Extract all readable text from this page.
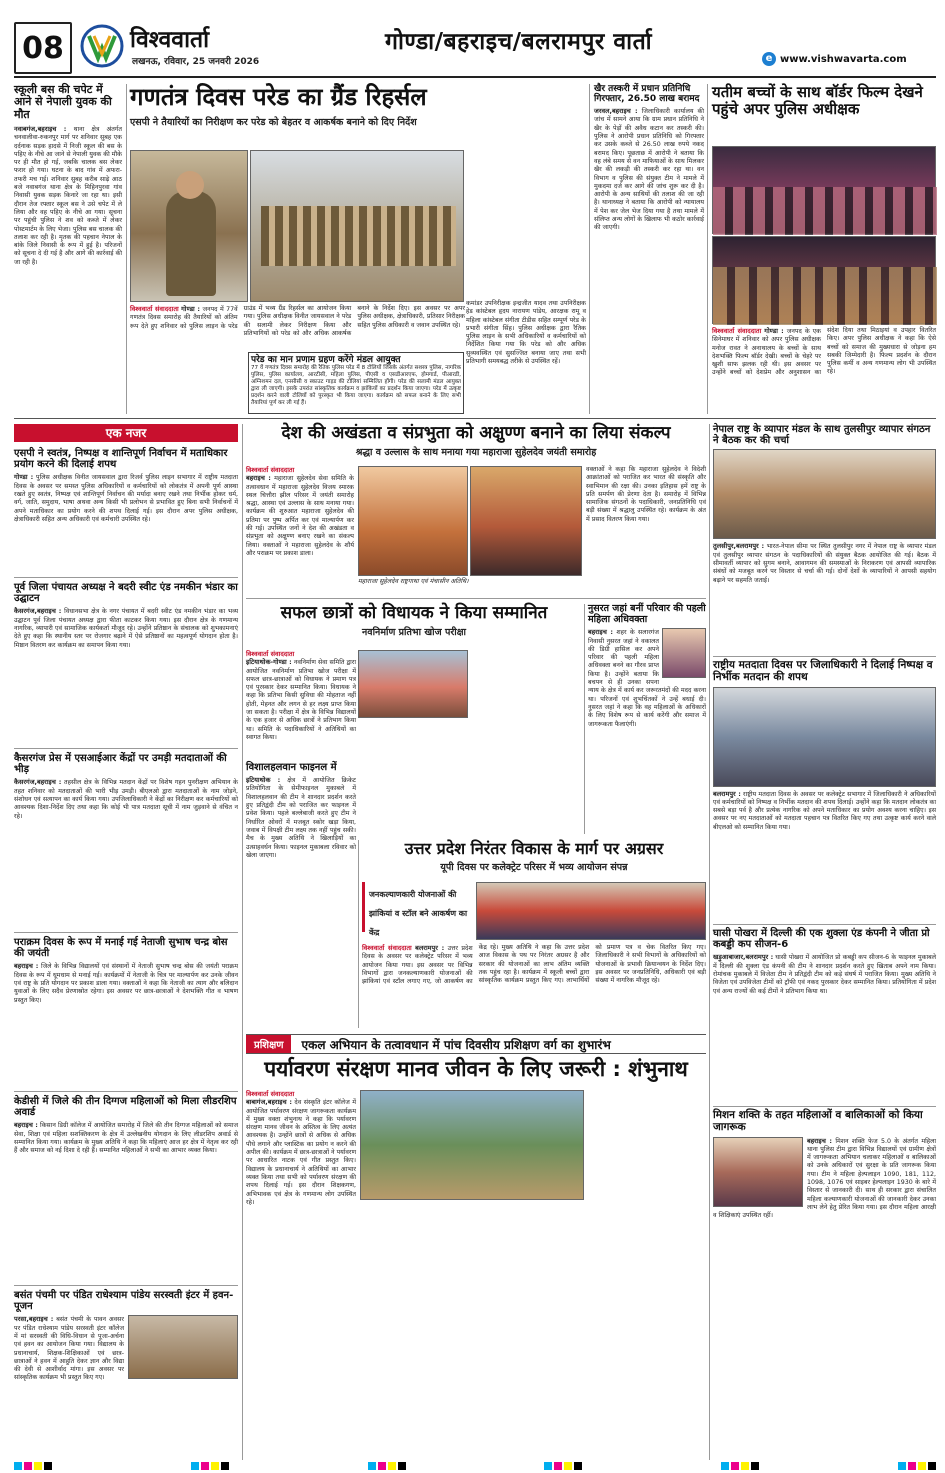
08	विश्ववार्ता
लखनऊ, रविवार, 25 जनवरी 2026
गोण्डा/बहराइच/बलरामपुर वार्ता
e www.vishwavarta.com
स्कूली बस की चपेट में आने से नेपाली युवक की मौत
नवाबगंज,बहराइच : थाना क्षेत्र अंतर्गत चनवालीवा-रुकनपुर मार्ग पर शनिवार सुबह एक दर्दनाक सड़क हादसे में निजी स्कूल की बस के पहिए के नीचे आ जाने से नेपाली युवक की मौके पर ही मौत हो गई, जबकि चालक बस लेकर फरार हो गया। घटना के बाद गांव में अफरा-तफरी मच गई। शनिवार सुबह करीब साढ़े आठ बजे नवाबगंज थाना क्षेत्र के मिहिनपुरवा गांव निवासी युवक सड़क किनारे जा रहा था। इसी दौरान तेज रफ्तार स्कूल बस ने उसे चपेट में ले लिया और वह पहिए के नीचे आ गया। सूचना पर पहुंची पुलिस ने शव को कब्जे में लेकर पोस्टमार्टम के लिए भेजा। पुलिस बस चालक की तलाश कर रही है। मृतक की पहचान नेपाल के बांके जिले निवासी के रूप में हुई है। परिजनों को सूचना दे दी गई है और आगे की कार्रवाई की जा रही है।
गणतंत्र दिवस परेड का ग्रैंड रिहर्सल
एसपी ने तैयारियों का निरीक्षण कर परेड को बेहतर व आकर्षक बनाने को दिए निर्देश
विश्ववार्ता संवाददाता गोण्डा : जनपद में 77वें गणतंत्र दिवस समारोह की तैयारियों को अंतिम रूप देते हुए शनिवार को पुलिस लाइन के परेड ग्राउंड में भव्य ग्रैंड रिहर्सल का आयोजन किया गया। पुलिस अधीक्षक विनीत जायसवाल ने परेड की सलामी लेकर निरीक्षण किया और प्रतिभागियों को परेड को और अधिक आकर्षक बनाने के निर्देश दिए। इस अवसर पर अपर पुलिस अधीक्षक, क्षेत्राधिकारी, प्रतिसार निरीक्षक सहित पुलिस अधिकारी व जवान उपस्थित रहे।
परेड का मान प्रणाम ग्रहण करेंगे मंडल आयुक्त
77 वें गणतंत्र दिवस समारोह की रैतिक पुलिस परेड में 8 टोलियों जिसके अंतर्गत सशस्त्र पुलिस, नागरिक पुलिस, पुलिस कार्यालय, आरटीसी, महिला पुलिस, पीएसी व एसडीआरएफ, होमगार्ड, पीआरडी, अग्निशमन दल, एनसीसी व स्काउट गाइड की टोलियां सम्मिलित होंगी। परेड की सलामी मंडल आयुक्त द्वारा ली जाएगी। इसके उपरांत सांस्कृतिक कार्यक्रम व झांकियों का प्रदर्शन किया जाएगा। परेड में उत्कृष्ट प्रदर्शन करने वाली टोलियों को पुरस्कृत भी किया जाएगा। कार्यक्रम को सफल बनाने के लिए सभी तैयारियां पूर्ण कर ली गई हैं।
कमांडर उपनिरीक्षक इन्द्रजीत यादव तथा उपनिरीक्षक हेड कांस्टेबल हृदय नारायण पांडेय, आरक्षक रामू व महिला कांस्टेबल संगीता टीडीस सहित सम्पूर्ण परेड के प्रभारी संगीता सिंह। पुलिस अधीक्षक द्वारा रैतिक पुलिस लाइन के सभी अधिकारियों व कर्मचारियों को निर्देशित किया गया कि परेड को और अधिक सुव्यवस्थित एवं सुसज्जित बनाया जाए तथा सभी प्रतिभागी समयबद्ध तरीके से उपस्थित रहें।
खैर तस्करी में प्रधान प्रतिनिधि गिरफ्तार, 26.50 लाख बरामद
जरवल,बहराइच : जिलाधिकारी कार्यालय की जांच में सामने आया कि ग्राम प्रधान प्रतिनिधि ने खैर के पेड़ों की अवैध कटान कर तस्करी की। पुलिस ने आरोपी प्रधान प्रतिनिधि को गिरफ्तार कर उसके कब्जे से 26.50 लाख रुपये नकद बरामद किए। पूछताछ में आरोपी ने बताया कि वह लंबे समय से वन माफियाओं के साथ मिलकर खैर की लकड़ी की तस्करी कर रहा था। वन विभाग व पुलिस की संयुक्त टीम ने मामले में मुकदमा दर्ज कर आगे की जांच शुरू कर दी है। आरोपी के अन्य साथियों की तलाश की जा रही है। थानाध्यक्ष ने बताया कि आरोपी को न्यायालय में पेश कर जेल भेज दिया गया है तथा मामले में संलिप्त अन्य लोगों के खिलाफ भी कठोर कार्रवाई की जाएगी।
यतीम बच्चों के साथ बॉर्डर फिल्म देखने पहुंचे अपर पुलिस अधीक्षक
विश्ववार्ता संवाददाता गोण्डा : जनपद के एक सिनेमाघर में शनिवार को अपर पुलिस अधीक्षक मनोज रावत ने अनाथालय के बच्चों के साथ देशभक्ति फिल्म बॉर्डर देखी। बच्चों के चेहरे पर खुशी साफ झलक रही थी। इस अवसर पर उन्होंने बच्चों को देशप्रेम और अनुशासन का संदेश दिया तथा मिठाइयां व उपहार वितरित किए। अपर पुलिस अधीक्षक ने कहा कि ऐसे बच्चों को समाज की मुख्यधारा से जोड़ना हम सबकी जिम्मेदारी है। फिल्म प्रदर्शन के दौरान पुलिस कर्मी व अन्य गणमान्य लोग भी उपस्थित रहे।
एक नजर
एसपी ने स्वतंत्र, निष्पक्ष व शान्तिपूर्ण निर्वाचन में मताधिकार प्रयोग करने की दिलाई शपथ
गोण्डा : पुलिस अधीक्षक विनीत जायसवाल द्वारा रिजर्व पुलिस लाइन सभागार में राष्ट्रीय मतदाता दिवस के अवसर पर समस्त पुलिस अधिकारियों व कर्मचारियों को लोकतंत्र में अपनी पूर्ण आस्था रखते हुए स्वतंत्र, निष्पक्ष एवं शान्तिपूर्ण निर्वाचन की मर्यादा बनाए रखने तथा निर्भीक होकर धर्म, वर्ग, जाति, समुदाय, भाषा अथवा अन्य किसी भी प्रलोभन से प्रभावित हुए बिना सभी निर्वाचनों में अपने मताधिकार का प्रयोग करने की शपथ दिलाई गई। इस दौरान अपर पुलिस अधीक्षक, क्षेत्राधिकारी सहित अन्य अधिकारी एवं कर्मचारी उपस्थित रहे।
पूर्व जिला पंचायत अध्यक्ष ने बदरी स्वीट एंड नमकीन भंडार का उद्घाटन
कैसरगंज,बहराइच : विधानसभा क्षेत्र के नगर पंचायत में बदरी स्वीट एंड नमकीन भंडार का भव्य उद्घाटन पूर्व जिला पंचायत अध्यक्ष द्वारा फीता काटकर किया गया। इस दौरान क्षेत्र के गणमान्य नागरिक, व्यापारी एवं सामाजिक कार्यकर्ता मौजूद रहे। उन्होंने प्रतिष्ठान के संचालक को शुभकामनाएं देते हुए कहा कि स्थानीय स्तर पर रोजगार बढ़ाने में ऐसे प्रतिष्ठानों का महत्वपूर्ण योगदान होता है। मिष्ठान वितरण कर कार्यक्रम का समापन किया गया।
कैसरगंज प्रेस में एसआईआर केंद्रों पर उमड़ी मतदाताओं की भीड़
कैसरगंज,बहराइच : तहसील क्षेत्र के विभिन्न मतदान केंद्रों पर विशेष गहन पुनरीक्षण अभियान के तहत शनिवार को मतदाताओं की भारी भीड़ उमड़ी। बीएलओ द्वारा मतदाताओं के नाम जोड़ने, संशोधन एवं सत्यापन का कार्य किया गया। उपजिलाधिकारी ने केंद्रों का निरीक्षण कर कर्मचारियों को आवश्यक दिशा-निर्देश दिए तथा कहा कि कोई भी पात्र मतदाता सूची में नाम जुड़वाने से वंचित न रहे।
पराक्रम दिवस के रूप में मनाई गई नेताजी सुभाष चन्द्र बोस की जयंती
बहराइच : जिले के विभिन्न विद्यालयों एवं संस्थानों में नेताजी सुभाष चन्द्र बोस की जयंती पराक्रम दिवस के रूप में धूमधाम से मनाई गई। कार्यक्रमों में नेताजी के चित्र पर माल्यार्पण कर उनके जीवन एवं राष्ट्र के प्रति योगदान पर प्रकाश डाला गया। वक्ताओं ने कहा कि नेताजी का त्याग और बलिदान युवाओं के लिए सदैव प्रेरणास्रोत रहेगा। इस अवसर पर छात्र-छात्राओं ने देशभक्ति गीत व भाषण प्रस्तुत किए।
केडीसी में जिले की तीन दिग्गज महिलाओं को मिला लीडरशिप अवार्ड
बहराइच : किसान डिग्री कॉलेज में आयोजित समारोह में जिले की तीन दिग्गज महिलाओं को समाज सेवा, शिक्षा एवं महिला सशक्तिकरण के क्षेत्र में उल्लेखनीय योगदान के लिए लीडरशिप अवार्ड से सम्मानित किया गया। कार्यक्रम के मुख्य अतिथि ने कहा कि महिलाएं आज हर क्षेत्र में नेतृत्व कर रही हैं और समाज को नई दिशा दे रही हैं। सम्मानित महिलाओं ने सभी का आभार व्यक्त किया।
बसंत पंचमी पर पंडित राधेश्याम पांडेय सरस्वती इंटर में हवन-पूजन
परसा,बहराइच : बसंत पंचमी के पावन अवसर पर पंडित राधेश्याम पांडेय सरस्वती इंटर कॉलेज में मां सरस्वती की विधि-विधान से पूजा-अर्चना एवं हवन का आयोजन किया गया। विद्यालय के प्रधानाचार्य, शिक्षक-शिक्षिकाओं एवं छात्र-छात्राओं ने हवन में आहुति देकर ज्ञान और विद्या की देवी से आशीर्वाद मांगा। इस अवसर पर सांस्कृतिक कार्यक्रम भी प्रस्तुत किए गए।
देश की अखंडता व संप्रभुता को अक्षुण्ण बनाने का लिया संकल्प
श्रद्धा व उल्लास के साथ मनाया गया महाराजा सुहेलदेव जयंती समारोह
विश्ववार्ता संवाददाता
बहराइच : महाराजा सुहेलदेव सेवा समिति के तत्वावधान में महाराजा सुहेलदेव विजय स्मारक स्थल चित्तौरा झील परिसर में जयंती समारोह श्रद्धा, आस्था एवं उल्लास के साथ मनाया गया। कार्यक्रम की शुरुआत महाराजा सुहेलदेव की प्रतिमा पर पुष्प अर्पित कर एवं माल्यार्पण कर की गई। उपस्थित जनों ने देश की अखंडता व संप्रभुता को अक्षुण्ण बनाए रखने का संकल्प लिया। वक्ताओं ने महाराजा सुहेलदेव के शौर्य और पराक्रम पर प्रकाश डाला।
महाराजा सुहेलदेव राष्ट्रगाथा एवं मंचासीन अतिथि।
वक्ताओं ने कहा कि महाराजा सुहेलदेव ने विदेशी आक्रांताओं को पराजित कर भारत की संस्कृति और स्वाभिमान की रक्षा की। उनका इतिहास हमें राष्ट्र के प्रति समर्पण की प्रेरणा देता है। समारोह में विभिन्न सामाजिक संगठनों के पदाधिकारी, जनप्रतिनिधि एवं बड़ी संख्या में श्रद्धालु उपस्थित रहे। कार्यक्रम के अंत में प्रसाद वितरण किया गया।
सफल छात्रों को विधायक ने किया सम्मानित
नवनिर्माण प्रतिभा खोज परीक्षा
विश्ववार्ता संवाददाता
इटियाथोक-गोण्डा : नवनिर्माण सेवा समिति द्वारा आयोजित नवनिर्माण प्रतिभा खोज परीक्षा में सफल छात्र-छात्राओं को विधायक ने प्रमाण पत्र एवं पुरस्कार देकर सम्मानित किया। विधायक ने कहा कि प्रतिभा किसी सुविधा की मोहताज नहीं होती, मेहनत और लगन से हर लक्ष्य प्राप्त किया जा सकता है। परीक्षा में क्षेत्र के विभिन्न विद्यालयों के एक हजार से अधिक छात्रों ने प्रतिभाग किया था। समिति के पदाधिकारियों ने अतिथियों का स्वागत किया।
नुसरत जहां बनीं परिवार की पहली महिला अधिवक्ता
बहराइच : शहर के सलारगंज निवासी नुसरत जहां ने वकालत की डिग्री हासिल कर अपने परिवार की पहली महिला अधिवक्ता बनने का गौरव प्राप्त किया है। उन्होंने बताया कि बचपन से ही उनका सपना न्याय के क्षेत्र में कार्य कर जरूरतमंदों की मदद करना था। परिजनों एवं शुभचिंतकों ने उन्हें बधाई दी। नुसरत जहां ने कहा कि वह महिलाओं के अधिकारों के लिए विशेष रूप से कार्य करेंगी और समाज में जागरूकता फैलाएंगी।
विशालहलवान फाइनल में
इटियाथोक : क्षेत्र में आयोजित क्रिकेट प्रतियोगिता के सेमीफाइनल मुकाबले में विशालहलवान की टीम ने शानदार प्रदर्शन करते हुए प्रतिद्वंदी टीम को पराजित कर फाइनल में प्रवेश किया। पहले बल्लेबाजी करते हुए टीम ने निर्धारित ओवरों में मजबूत स्कोर खड़ा किया, जवाब में विपक्षी टीम लक्ष्य तक नहीं पहुंच सकी। मैच के मुख्य अतिथि ने खिलाड़ियों का उत्साहवर्धन किया। फाइनल मुकाबला रविवार को खेला जाएगा।	उत्तर प्रदेश निरंतर विकास के मार्ग पर अग्रसर
यूपी दिवस पर कलेक्ट्रेट परिसर में भव्य आयोजन संपन्न
जनकल्याणकारी योजनाओं की झांकियां व स्टॉल बने आकर्षण का केंद्र
विश्ववार्ता संवाददाता बलरामपुर : उत्तर प्रदेश दिवस के अवसर पर कलेक्ट्रेट परिसर में भव्य आयोजन किया गया। इस अवसर पर विभिन्न विभागों द्वारा जनकल्याणकारी योजनाओं की झांकियां एवं स्टॉल लगाए गए, जो आकर्षण का केंद्र रहे। मुख्य अतिथि ने कहा कि उत्तर प्रदेश आज विकास के पथ पर निरंतर अग्रसर है और सरकार की योजनाओं का लाभ अंतिम व्यक्ति तक पहुंच रहा है। कार्यक्रम में स्कूली बच्चों द्वारा सांस्कृतिक कार्यक्रम प्रस्तुत किए गए। लाभार्थियों को प्रमाण पत्र व चेक वितरित किए गए। जिलाधिकारी ने सभी विभागों के अधिकारियों को योजनाओं के प्रभावी क्रियान्वयन के निर्देश दिए। इस अवसर पर जनप्रतिनिधि, अधिकारी एवं बड़ी संख्या में नागरिक मौजूद रहे।
प्रशिक्षण	एकल अभियान के तत्वावधान में पांच दिवसीय प्रशिक्षण वर्ग का शुभारंभ
पर्यावरण संरक्षण मानव जीवन के लिए जरूरी : शंभुनाथ
विश्ववार्ता संवाददाता
बाबागंज,बहराइच : देव संस्कृति इंटर कॉलेज में आयोजित पर्यावरण संरक्षण जागरूकता कार्यक्रम में मुख्य वक्ता शंभुनाथ ने कहा कि पर्यावरण संरक्षण मानव जीवन के अस्तित्व के लिए अत्यंत आवश्यक है। उन्होंने छात्रों से अधिक से अधिक पौधे लगाने और प्लास्टिक का प्रयोग न करने की अपील की। कार्यक्रम में छात्र-छात्राओं ने पर्यावरण पर आधारित नाटक एवं गीत प्रस्तुत किए। विद्यालय के प्रधानाचार्य ने अतिथियों का आभार व्यक्त किया तथा सभी को पर्यावरण संरक्षण की शपथ दिलाई गई। इस दौरान शिक्षकगण, अभिभावक एवं क्षेत्र के गणमान्य लोग उपस्थित रहे।
नेपाल राष्ट्र के व्यापार मंडल के साथ तुलसीपुर व्यापार संगठन ने बैठक कर की चर्चा
तुलसीपुर,बलरामपुर : भारत-नेपाल सीमा पर स्थित तुलसीपुर नगर में नेपाल राष्ट्र के व्यापार मंडल एवं तुलसीपुर व्यापार संगठन के पदाधिकारियों की संयुक्त बैठक आयोजित की गई। बैठक में सीमावर्ती व्यापार को सुगम बनाने, आवागमन की समस्याओं के निराकरण एवं आपसी व्यापारिक संबंधों को मजबूत करने पर विस्तार से चर्चा की गई। दोनों देशों के व्यापारियों ने आपसी सहयोग बढ़ाने पर सहमति जताई।
राष्ट्रीय मतदाता दिवस पर जिलाधिकारी ने दिलाई निष्पक्ष व निर्भीक मतदान की शपथ
बलरामपुर : राष्ट्रीय मतदाता दिवस के अवसर पर कलेक्ट्रेट सभागार में जिलाधिकारी ने अधिकारियों एवं कर्मचारियों को निष्पक्ष व निर्भीक मतदान की शपथ दिलाई। उन्होंने कहा कि मतदान लोकतंत्र का सबसे बड़ा पर्व है और प्रत्येक नागरिक को अपने मताधिकार का प्रयोग अवश्य करना चाहिए। इस अवसर पर नए मतदाताओं को मतदाता पहचान पत्र वितरित किए गए तथा उत्कृष्ट कार्य करने वाले बीएलओ को सम्मानित किया गया।
घासी पोखरा में दिल्ली की एक शुक्ला एंड कंपनी ने जीता प्रो कबड्डी कप सीजन-6
खड़ुआबाजार,बलरामपुर : घासी पोखरा में आयोजित प्रो कबड्डी कप सीजन-6 के फाइनल मुकाबले में दिल्ली की शुक्ला एंड कंपनी की टीम ने शानदार प्रदर्शन करते हुए खिताब अपने नाम किया। रोमांचक मुकाबले में विजेता टीम ने प्रतिद्वंदी टीम को कड़े संघर्ष में पराजित किया। मुख्य अतिथि ने विजेता एवं उपविजेता टीमों को ट्रॉफी एवं नकद पुरस्कार देकर सम्मानित किया। प्रतियोगिता में प्रदेश एवं अन्य राज्यों की कई टीमों ने प्रतिभाग किया था।
मिशन शक्ति के तहत महिलाओं व बालिकाओं को किया जागरूक
बहराइच : मिशन शक्ति फेज 5.0 के अंतर्गत महिला थाना पुलिस टीम द्वारा विभिन्न विद्यालयों एवं ग्रामीण क्षेत्रों में जागरूकता अभियान चलाकर महिलाओं व बालिकाओं को उनके अधिकारों एवं सुरक्षा के प्रति जागरूक किया गया। टीम ने महिला हेल्पलाइन 1090, 181, 112, 1098, 1076 एवं साइबर हेल्पलाइन 1930 के बारे में विस्तार से जानकारी दी। साथ ही सरकार द्वारा संचालित महिला कल्याणकारी योजनाओं की जानकारी देकर उनका लाभ लेने हेतु प्रेरित किया गया। इस दौरान महिला आरक्षी व शिक्षिकाएं उपस्थित रहीं।
